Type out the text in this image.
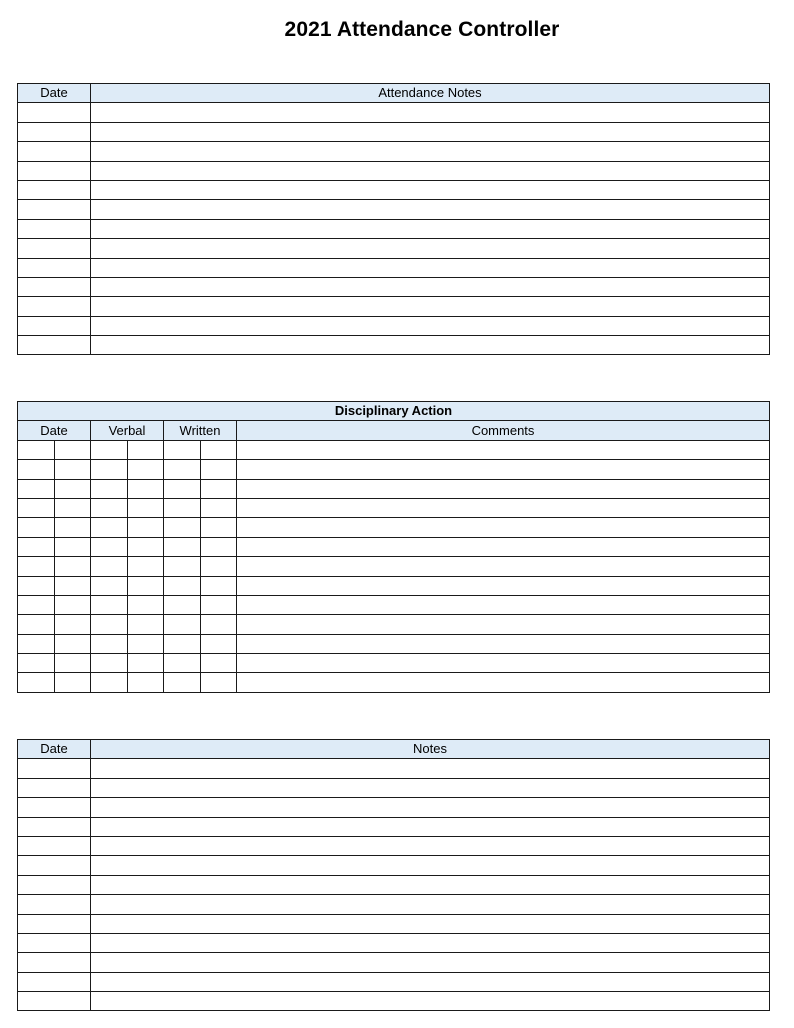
2021 Attendance Controller
Date	Attendance Notes

Disciplinary Action						
Date		Verbal		Written		Comments

Date	Notes
